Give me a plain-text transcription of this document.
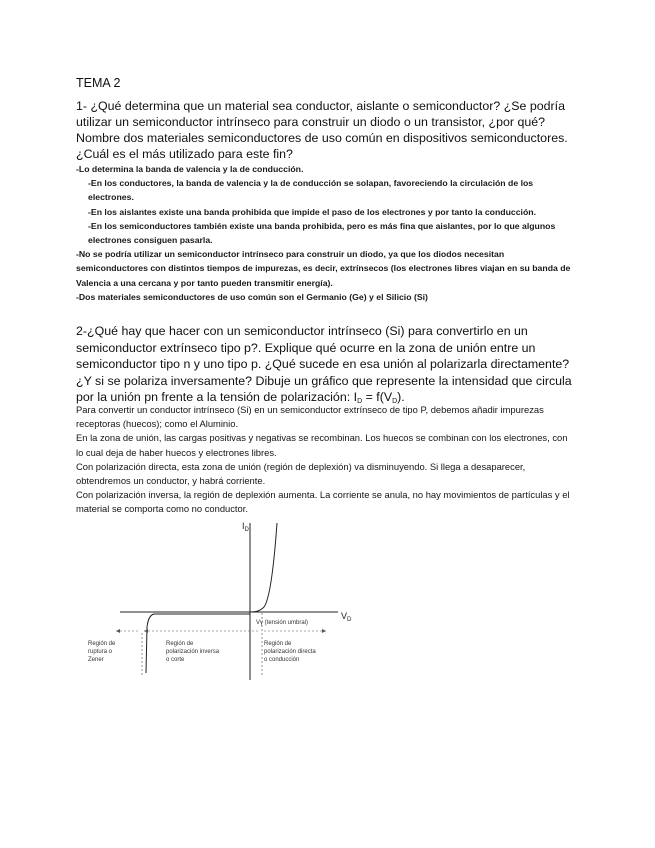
TEMA 2
1- ¿Qué determina que un material sea conductor, aislante o semiconductor? ¿Se podría utilizar un semiconductor intrínseco para construir un diodo o un transistor, ¿por qué? Nombre dos materiales semiconductores de uso común en dispositivos semiconductores. ¿Cuál es el más utilizado para este fin?

-Lo determina la banda de valencia y la de conducción.

-En los conductores, la banda de valencia y la de conducción se solapan, favoreciendo la circulación de los electrones.

-En los aislantes existe una banda prohibida que impide el paso de los electrones y por tanto la conducción.

-En los semiconductores también existe una banda prohibida, pero es más fina que aislantes, por lo que algunos electrones consiguen pasarla.

-No se podría utilizar un semiconductor intrínseco para construir un diodo, ya que los diodos necesitan semiconductores con distintos tiempos de impurezas, es decir, extrínsecos (los electrones libres viajan en su banda de Valencia a una cercana y por tanto pueden transmitir energía).

-Dos materiales semiconductores de uso común son el Germanio (Ge) y el Silicio (Si)

2-¿Qué hay que hacer con un semiconductor intrínseco (Si) para convertirlo en un semiconductor extrínseco tipo p?. Explique qué ocurre en la zona de unión entre un semiconductor tipo n y uno tipo p. ¿Qué sucede en esa unión al polarizarla directamente? ¿Y si se polariza inversamente? Dibuje un gráfico que represente la intensidad que circula por la unión pn frente a la tensión de polarización: $I_D = f(V_D)$.

Para convertir un conductor intrínseco (Si) en un semiconductor extrínseco de tipo P, debemos añadir impurezas receptoras (huecos); como el Aluminio.

En la zona de unión, las cargas positivas y negativas se recombinan. Los huecos se combinan con los electrones, con lo cual deja de haber huecos y electrones libres.

Con polarización directa, esta zona de unión (región de deplexión) va disminuyendo. Si llega a desaparecer, obtendremos un conductor, y habrá corriente.

Con polarización inversa, la región de deplexión aumenta. La corriente se anula, no hay movimientos de partículas y el material se comporta como no conductor.

$I_D$
$V_D$
Vγ (tensión umbral)
Región de ruptura o Zener
Región de polarización inversa o corte
Región de polarización directa o conducción
